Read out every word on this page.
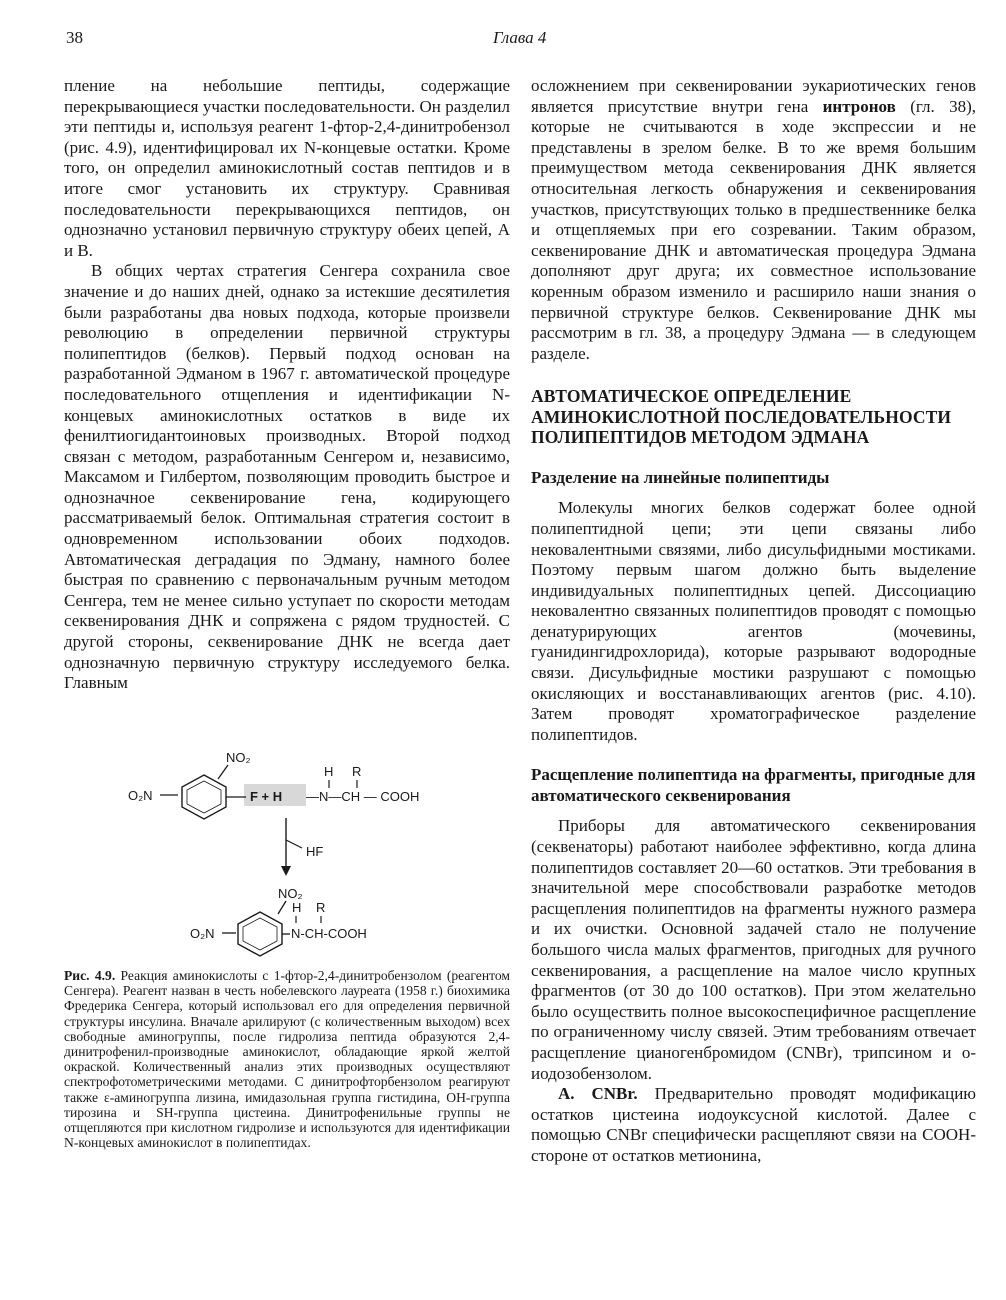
38	Глава 4

пление на небольшие пептиды, содержащие перекрывающиеся участки последовательности. Он разделил эти пептиды и, используя реагент 1-фтор-2,4-динитробензол (рис. 4.9), идентифицировал их N-концевые остатки. Кроме того, он определил аминокислотный состав пептидов и в итоге смог установить их структуру. Сравнивая последовательности перекрывающихся пептидов, он однозначно установил первичную структуру обеих цепей, А и В.

В общих чертах стратегия Сенгера сохранила свое значение и до наших дней, однако за истекшие десятилетия были разработаны два новых подхода, которые произвели революцию в определении первичной структуры полипептидов (белков). Первый подход основан на разработанной Эдманом в 1967 г. автоматической процедуре последовательного отщепления и идентификации N-концевых аминокислотных остатков в виде их фенилтиогидантоиновых производных. Второй подход связан с методом, разработанным Сенгером и, независимо, Максамом и Гилбертом, позволяющим проводить быстрое и однозначное секвенирование гена, кодирующего рассматриваемый белок. Оптимальная стратегия состоит в одновременном использовании обоих подходов. Автоматическая деградация по Эдману, намного более быстрая по сравнению с первоначальным ручным методом Сенгера, тем не менее сильно уступает по скорости методам секвенирования ДНК и сопряжена с рядом трудностей. С другой стороны, секвенирование ДНК не всегда дает однозначную первичную структуру исследуемого белка. Главным

O₂N
NO₂
F + H
H R
—N—CH — COOH
HF
NO₂
O₂N
H R
N-CH-COOH
Рис. 4.9. Реакция аминокислоты с 1-фтор-2,4-динитробензолом (реагентом Сенгера). Реагент назван в честь нобелевского лауреата (1958 г.) биохимика Фредерика Сенгера, который использовал его для определения первичной структуры инсулина. Вначале арилируют (с количественным выходом) всех свободные аминогруппы, после гидролиза пептида образуются 2,4-динитрофенил-производные аминокислот, обладающие яркой желтой окраской. Количественный анализ этих производных осуществляют спектрофотометрическими методами. С динитрофторбензолом реагируют также ε-аминогруппа лизина, имидазольная группа гистидина, ОН-группа тирозина и SH-группа цистеина. Динитрофенильные группы не отщепляются при кислотном гидролизе и используются для идентификации N-концевых аминокислот в полипептидах.

осложнением при секвенировании эукариотических генов является присутствие внутри гена интронов (гл. 38), которые не считываются в ходе экспрессии и не представлены в зрелом белке. В то же время большим преимуществом метода секвенирования ДНК является относительная легкость обнаружения и секвенирования участков, присутствующих только в предшественнике белка и отщепляемых при его созревании. Таким образом, секвенирование ДНК и автоматическая процедура Эдмана дополняют друг друга; их совместное использование коренным образом изменило и расширило наши знания о первичной структуре белков. Секвенирование ДНК мы рассмотрим в гл. 38, а процедуру Эдмана — в следующем разделе.

АВТОМАТИЧЕСКОЕ ОПРЕДЕЛЕНИЕ АМИНОКИСЛОТНОЙ ПОСЛЕДОВАТЕЛЬНОСТИ ПОЛИПЕПТИДОВ МЕТОДОМ ЭДМАНА
Разделение на линейные полипептиды

Молекулы многих белков содержат более одной полипептидной цепи; эти цепи связаны либо нековалентными связями, либо дисульфидными мостиками. Поэтому первым шагом должно быть выделение индивидуальных полипептидных цепей. Диссоциацию нековалентно связанных полипептидов проводят с помощью денатурирующих агентов (мочевины, гуанидингидрохлорида), которые разрывают водородные связи. Дисульфидные мостики разрушают с помощью окисляющих и восстанавливающих агентов (рис. 4.10). Затем проводят хроматографическое разделение полипептидов.

Расщепление полипептида на фрагменты, пригодные для автоматического секвенирования

Приборы для автоматического секвенирования (секвенаторы) работают наиболее эффективно, когда длина полипептидов составляет 20—60 остатков. Эти требования в значительной мере способствовали разработке методов расщепления полипептидов на фрагменты нужного размера и их очистки. Основной задачей стало не получение большого числа малых фрагментов, пригодных для ручного секвенирования, а расщепление на малое число крупных фрагментов (от 30 до 100 остатков). При этом желательно было осуществить полное высокоспецифичное расщепление по ограниченному числу связей. Этим требованиям отвечает расщепление цианогенбромидом (CNBr), трипсином и о-иодозобензолом.

А. CNBr. Предварительно проводят модификацию остатков цистеина иодоуксусной кислотой. Далее с помощью CNBr специфически расщепляют связи на СООН-стороне от остатков метионина,
